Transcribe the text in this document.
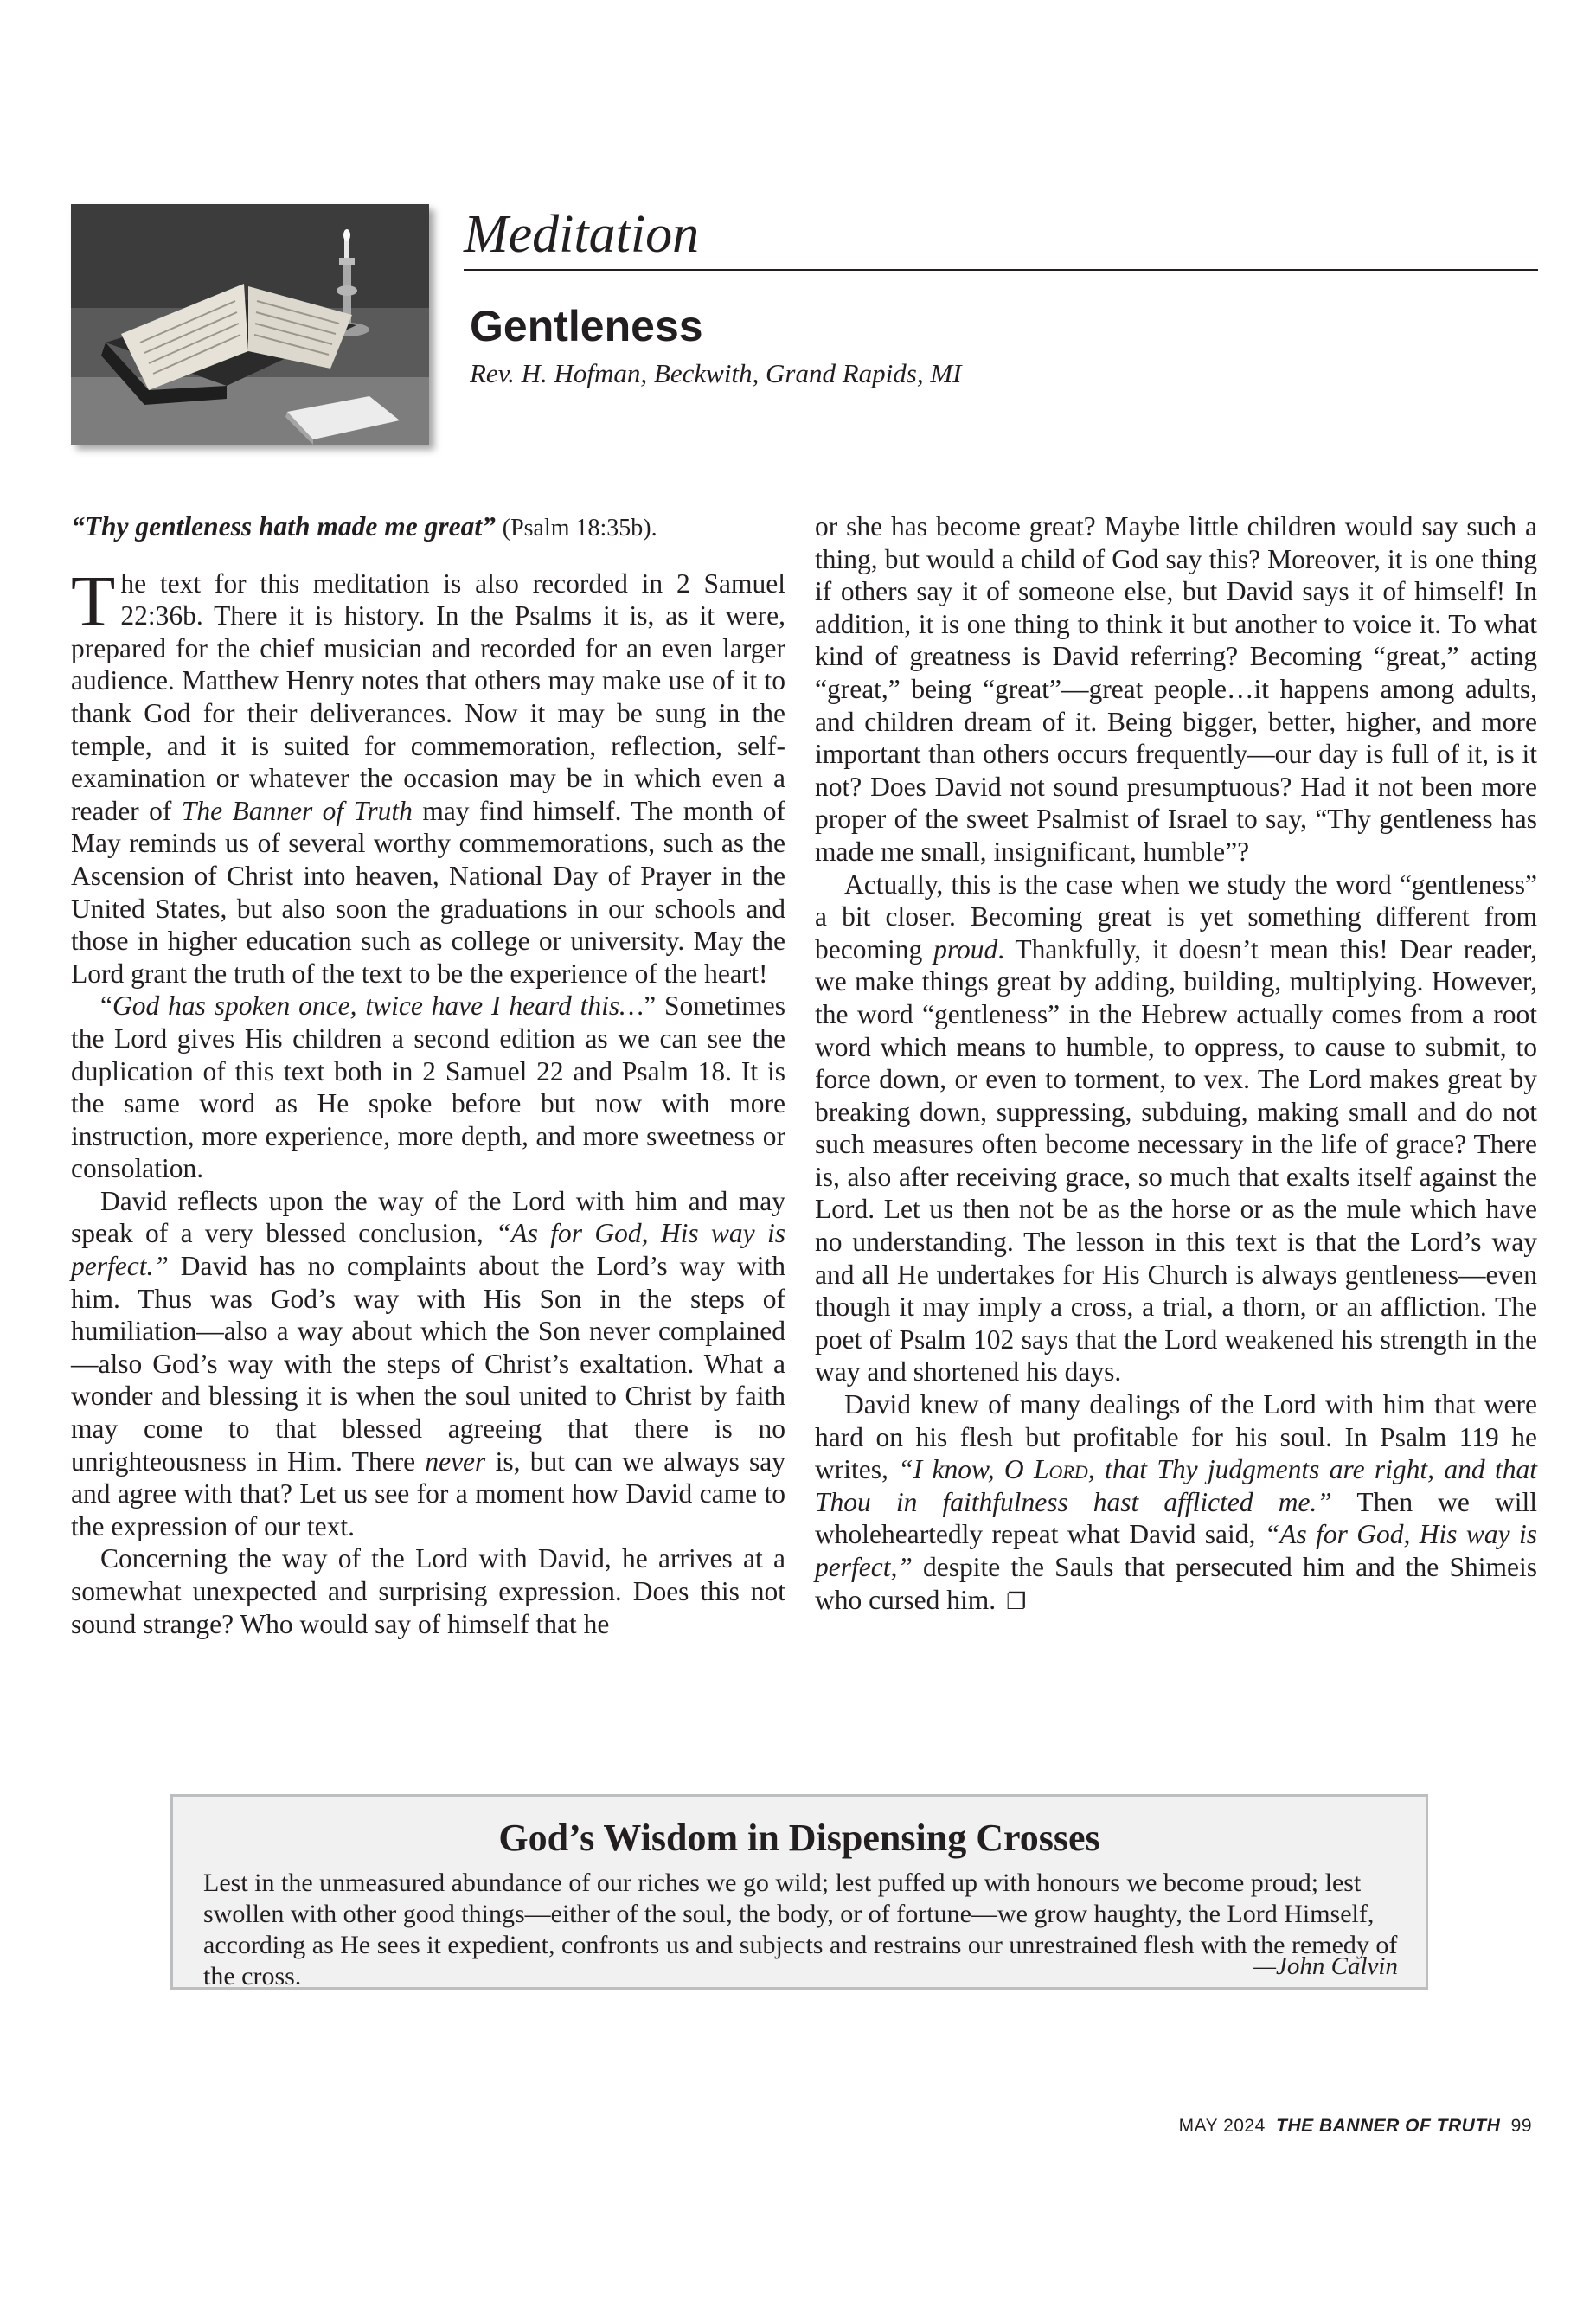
Meditation
Gentleness
Rev. H. Hofman, Beckwith, Grand Rapids, MI

“Thy gentleness hath made me great” (Psalm 18:35b).

The text for this meditation is also recorded in 2 Samuel 22:36b. There it is history. In the Psalms it is, as it were, prepared for the chief musician and recorded for an even larger audience. Matthew Henry notes that others may make use of it to thank God for their deliverances. Now it may be sung in the temple, and it is suited for commemoration, reflection, self-examination or whatever the occasion may be in which even a reader of The Banner of Truth may find himself. The month of May reminds us of several worthy commemorations, such as the Ascension of Christ into heaven, National Day of Prayer in the United States, but also soon the graduations in our schools and those in higher education such as college or university. May the Lord grant the truth of the text to be the experience of the heart!

“God has spoken once, twice have I heard this…” Sometimes the Lord gives His children a second edition as we can see the duplication of this text both in 2 Samuel 22 and Psalm 18. It is the same word as He spoke before but now with more instruction, more experience, more depth, and more sweetness or consolation.

David reflects upon the way of the Lord with him and may speak of a very blessed conclusion, “As for God, His way is perfect.” David has no complaints about the Lord’s way with him. Thus was God’s way with His Son in the steps of humiliation—also a way about which the Son never complained—also God’s way with the steps of Christ’s exaltation. What a wonder and blessing it is when the soul united to Christ by faith may come to that blessed agreeing that there is no unrighteousness in Him. There never is, but can we always say and agree with that? Let us see for a moment how David came to the expression of our text.

Concerning the way of the Lord with David, he arrives at a somewhat unexpected and surprising expression. Does this not sound strange? Who would say of himself that he

or she has become great? Maybe little children would say such a thing, but would a child of God say this? Moreover, it is one thing if others say it of someone else, but David says it of himself! In addition, it is one thing to think it but another to voice it. To what kind of greatness is David referring? Becoming “great,” acting “great,” being “great”—great people…it happens among adults, and children dream of it. Being bigger, better, higher, and more important than others occurs frequently—our day is full of it, is it not? Does David not sound presumptuous? Had it not been more proper of the sweet Psalmist of Israel to say, “Thy gentleness has made me small, insignificant, humble”?

Actually, this is the case when we study the word “gentleness” a bit closer. Becoming great is yet something different from becoming proud. Thankfully, it doesn’t mean this! Dear reader, we make things great by adding, building, multiplying. However, the word “gentleness” in the Hebrew actually comes from a root word which means to humble, to oppress, to cause to submit, to force down, or even to torment, to vex. The Lord makes great by breaking down, suppressing, subduing, making small and do not such measures often become necessary in the life of grace? There is, also after receiving grace, so much that exalts itself against the Lord. Let us then not be as the horse or as the mule which have no understanding. The lesson in this text is that the Lord’s way and all He undertakes for His Church is always gentleness—even though it may imply a cross, a trial, a thorn, or an affliction. The poet of Psalm 102 says that the Lord weakened his strength in the way and shortened his days.

David knew of many dealings of the Lord with him that were hard on his flesh but profitable for his soul. In Psalm 119 he writes, “I know, O Lord, that Thy judgments are right, and that Thou in faithfulness hast afflicted me.” Then we will wholeheartedly repeat what David said, “As for God, His way is perfect,” despite the Sauls that persecuted him and the Shimeis who cursed him. ❐

God’s Wisdom in Dispensing Crosses
Lest in the unmeasured abundance of our riches we go wild; lest puffed up with honours we become proud; lest swollen with other good things—either of the soul, the body, or of fortune—we grow haughty, the Lord Himself, according as He sees it expedient, confronts us and subjects and restrains our unrestrained flesh with the remedy of the cross.	—John Calvin
MAY 2024 THE BANNER OF TRUTH 99
